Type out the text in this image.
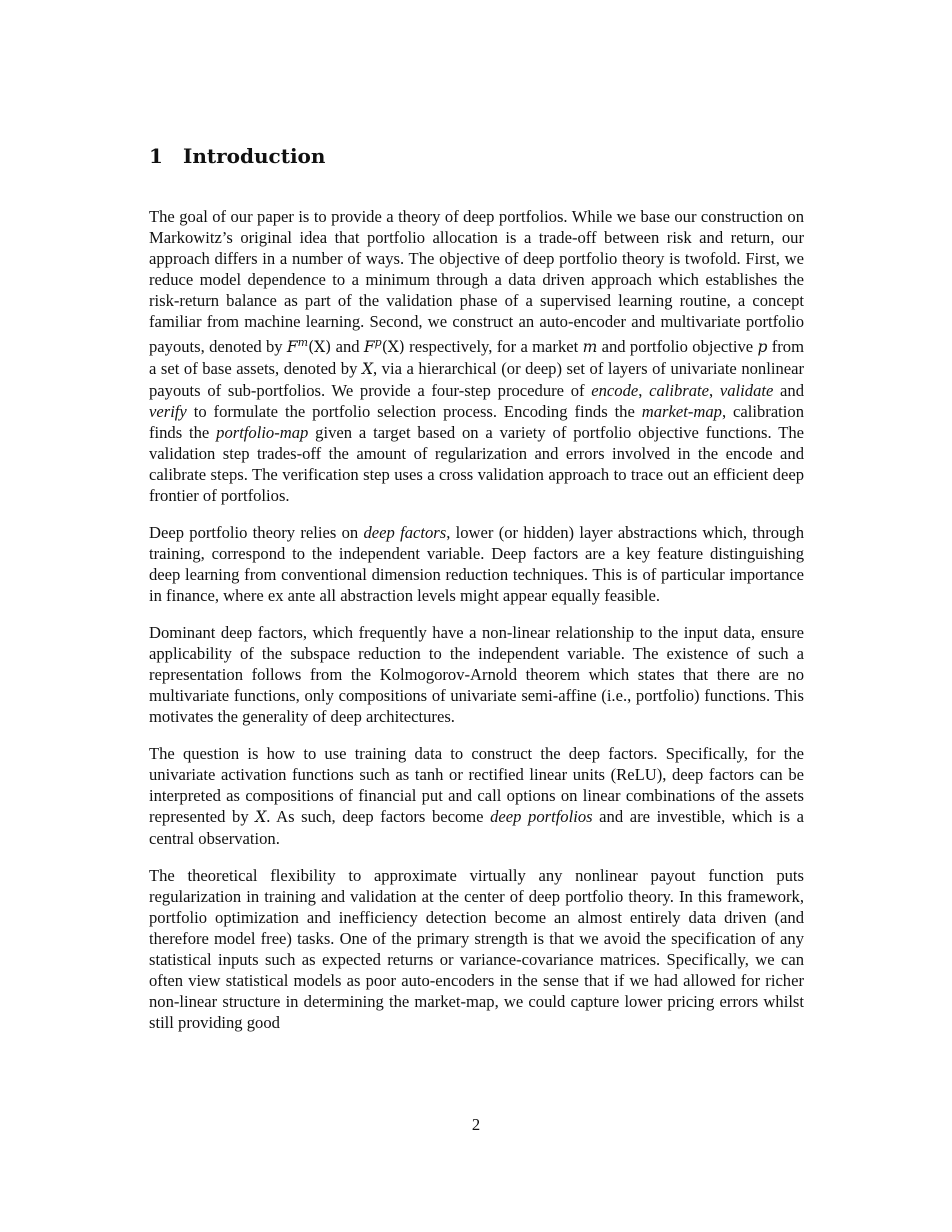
1 Introduction

The goal of our paper is to provide a theory of deep portfolios. While we base our construction on Markowitz’s original idea that portfolio allocation is a trade-off between risk and return, our approach differs in a number of ways. The objective of deep portfolio theory is twofold. First, we reduce model dependence to a minimum through a data driven approach which establishes the risk-return balance as part of the validation phase of a supervised learning routine, a concept familiar from machine learning. Second, we construct an auto-encoder and multivariate portfolio payouts, denoted by $F^m(X)$ and $F^p(X)$ respectively, for a market m and portfolio objective p from a set of base assets, denoted by X, via a hierarchical (or deep) set of layers of univariate nonlinear payouts of sub-portfolios. We provide a four-step procedure of encode, calibrate, validate and verify to formulate the portfolio selection process. Encoding finds the market-map, calibration finds the portfolio-map given a target based on a variety of portfolio objective functions. The validation step trades-off the amount of regularization and errors involved in the encode and calibrate steps. The verification step uses a cross validation approach to trace out an efficient deep frontier of portfolios.

Deep portfolio theory relies on deep factors, lower (or hidden) layer abstractions which, through training, correspond to the independent variable. Deep factors are a key feature distinguishing deep learning from conventional dimension reduction techniques. This is of particular importance in finance, where ex ante all abstraction levels might appear equally feasible.

Dominant deep factors, which frequently have a non-linear relationship to the input data, ensure applicability of the subspace reduction to the independent variable. The existence of such a representation follows from the Kolmogorov-Arnold theorem which states that there are no multivariate functions, only compositions of univariate semi-affine (i.e., portfolio) functions. This motivates the generality of deep architectures.

The question is how to use training data to construct the deep factors. Specifically, for the univariate activation functions such as tanh or rectified linear units (ReLU), deep factors can be interpreted as compositions of financial put and call options on linear combinations of the assets represented by X. As such, deep factors become deep portfolios and are investible, which is a central observation.

The theoretical flexibility to approximate virtually any nonlinear payout function puts regularization in training and validation at the center of deep portfolio theory. In this framework, portfolio optimization and inefficiency detection become an almost entirely data driven (and therefore model free) tasks. One of the primary strength is that we avoid the specification of any statistical inputs such as expected returns or variance-covariance matrices. Specifically, we can often view statistical models as poor auto-encoders in the sense that if we had allowed for richer non-linear structure in determining the market-map, we could capture lower pricing errors whilst still providing good

2
